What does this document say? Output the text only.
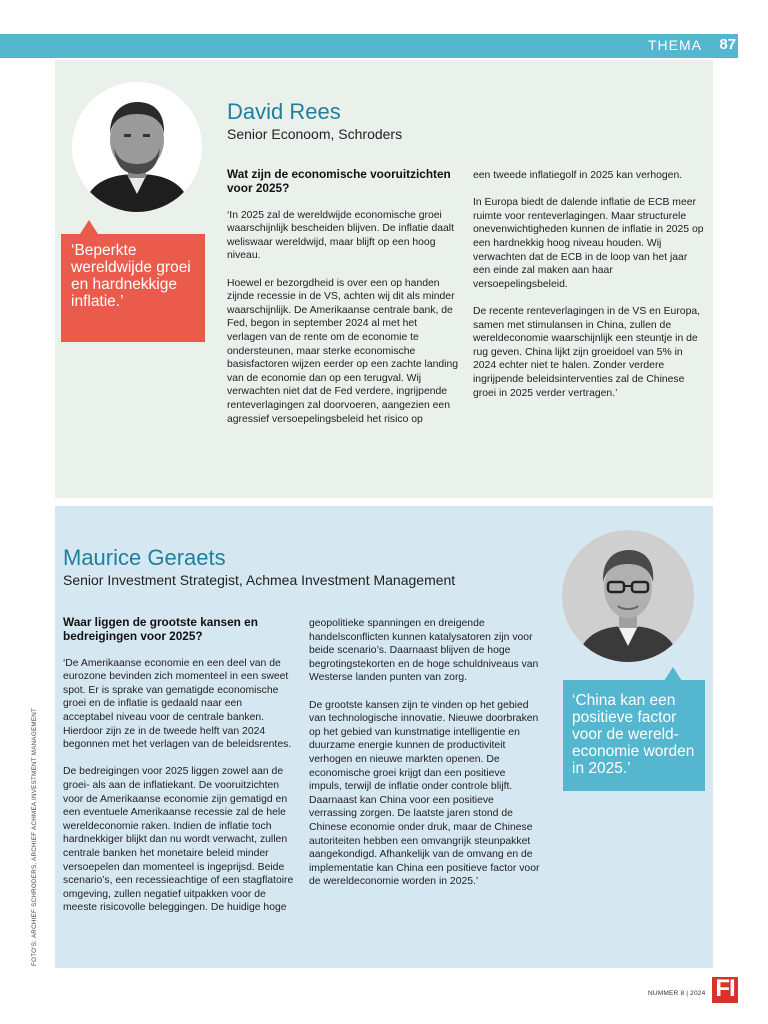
THEMA 87
David Rees
Senior Econoom, Schroders
‘Beperkte wereldwijde groei en hardnekkige inflatie.’

Wat zijn de economische vooruitzichten voor 2025?

‘In 2025 zal de wereldwijde economische groei waarschijnlijk bescheiden blijven. De inflatie daalt weliswaar wereldwijd, maar blijft op een hoog niveau.

Hoewel er bezorgdheid is over een op handen zijnde recessie in de VS, achten wij dit als minder waarschijnlijk. De Amerikaanse centrale bank, de Fed, begon in september 2024 al met het verlagen van de rente om de economie te ondersteunen, maar sterke economische basisfactoren wijzen eerder op een zachte landing van de economie dan op een terugval. Wij verwachten niet dat de Fed verdere, ingrijpende renteverlagingen zal doorvoeren, aangezien een agressief versoepelingsbeleid het risico op

een tweede inflatiegolf in 2025 kan verhogen.

In Europa biedt de dalende inflatie de ECB meer ruimte voor renteverlagingen. Maar structurele onevenwichtigheden kunnen de inflatie in 2025 op een hardnekkig hoog niveau houden. Wij verwachten dat de ECB in de loop van het jaar een einde zal maken aan haar versoepelingsbeleid.

De recente renteverlagingen in de VS en Europa, samen met stimulansen in China, zullen de wereldeconomie waarschijnlijk een steuntje in de rug geven. China lijkt zijn groeidoel van 5% in 2024 echter niet te halen. Zonder verdere ingrijpende beleidsinterventies zal de Chinese groei in 2025 verder vertragen.’

Maurice Geraets
Senior Investment Strategist, Achmea Investment Management
‘China kan een positieve factor voor de wereldeconomie worden in 2025.’

Waar liggen de grootste kansen en bedreigingen voor 2025?

‘De Amerikaanse economie en een deel van de eurozone bevinden zich momenteel in een sweet spot. Er is sprake van gematigde economische groei en de inflatie is gedaald naar een acceptabel niveau voor de centrale banken. Hierdoor zijn ze in de tweede helft van 2024 begonnen met het verlagen van de beleidsrentes.

De bedreigingen voor 2025 liggen zowel aan de groei- als aan de inflatiekant. De vooruitzichten voor de Amerikaanse economie zijn gematigd en een eventuele Amerikaanse recessie zal de hele wereldeconomie raken. Indien de inflatie toch hardnekkiger blijkt dan nu wordt verwacht, zullen centrale banken het monetaire beleid minder versoepelen dan momenteel is ingeprijsd. Beide scenario’s, een recessieachtige of een stagflatoire omgeving, zullen negatief uitpakken voor de meeste risicovolle beleggingen. De huidige hoge

geopolitieke spanningen en dreigende handelsconflicten kunnen katalysatoren zijn voor beide scenario’s. Daarnaast blijven de hoge begrotingstekorten en de hoge schuldniveaus van Westerse landen punten van zorg.

De grootste kansen zijn te vinden op het gebied van technologische innovatie. Nieuwe doorbraken op het gebied van kunstmatige intelligentie en duurzame energie kunnen de productiviteit verhogen en nieuwe markten openen. De economische groei krijgt dan een positieve impuls, terwijl de inflatie onder controle blijft. Daarnaast kan China voor een positieve verrassing zorgen. De laatste jaren stond de Chinese economie onder druk, maar de Chinese autoriteiten hebben een omvangrijk steunpakket aangekondigd. Afhankelijk van de omvang en de implementatie kan China een positieve factor voor de wereldeconomie worden in 2025.’

FOTO'S: ARCHIEF SCHRODERS, ARCHIEF ACHMEA INVESTMENT MANAGEMENT
NUMMER 8 | 2024 FI
